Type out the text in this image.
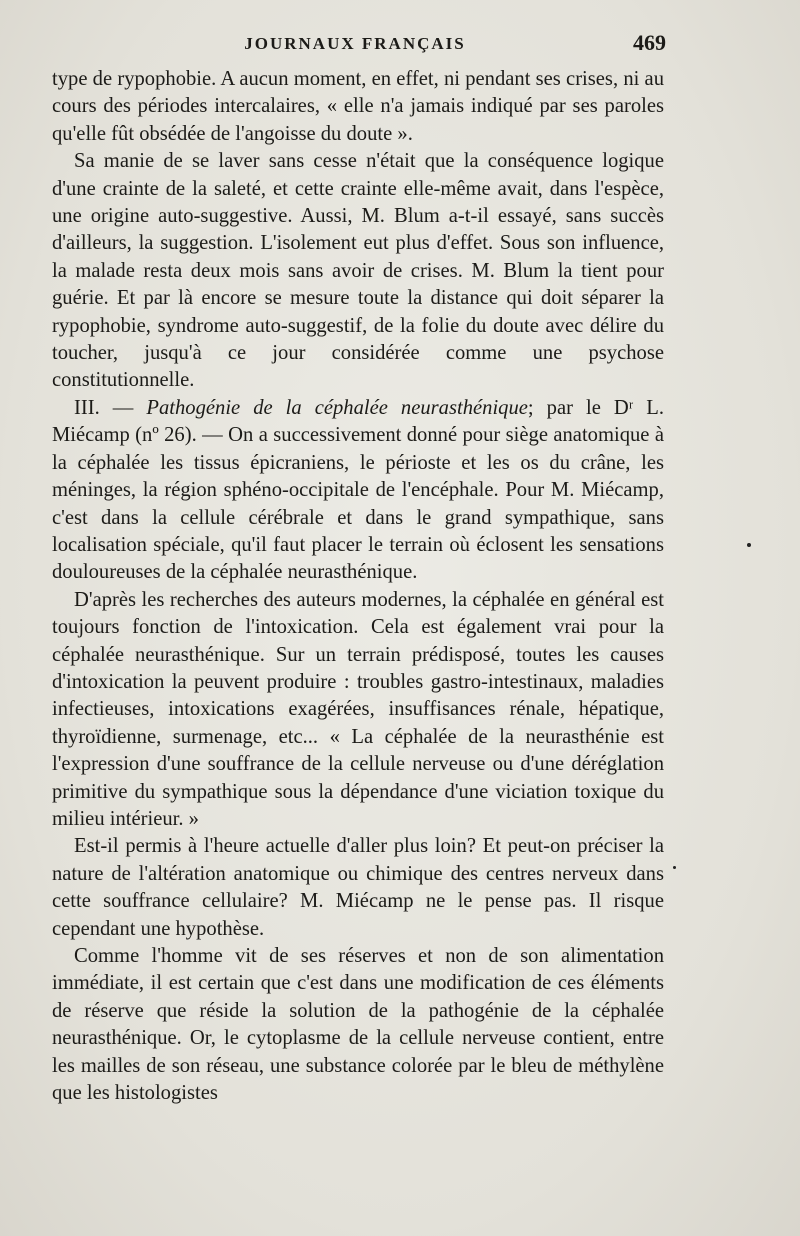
JOURNAUX FRANÇAIS	469

type de rypophobie. A aucun moment, en effet, ni pendant ses crises, ni au cours des périodes intercalaires, « elle n'a jamais indiqué par ses paroles qu'elle fût obsédée de l'angoisse du doute ».

Sa manie de se laver sans cesse n'était que la conséquence logique d'une crainte de la saleté, et cette crainte elle-même avait, dans l'espèce, une origine auto-suggestive. Aussi, M. Blum a-t-il essayé, sans succès d'ailleurs, la suggestion. L'isolement eut plus d'effet. Sous son influence, la malade resta deux mois sans avoir de crises. M. Blum la tient pour guérie. Et par là encore se mesure toute la distance qui doit séparer la rypophobie, syndrome auto-suggestif, de la folie du doute avec délire du toucher, jusqu'à ce jour considérée comme une psychose constitutionnelle.

III. — Pathogénie de la céphalée neurasthénique; par le Dʳ L. Miécamp (nº 26). — On a successivement donné pour siège anatomique à la céphalée les tissus épicraniens, le périoste et les os du crâne, les méninges, la région sphéno-occipitale de l'encéphale. Pour M. Miécamp, c'est dans la cellule cérébrale et dans le grand sympathique, sans localisation spéciale, qu'il faut placer le terrain où éclosent les sensations douloureuses de la céphalée neurasthénique.

D'après les recherches des auteurs modernes, la céphalée en général est toujours fonction de l'intoxication. Cela est également vrai pour la céphalée neurasthénique. Sur un terrain prédisposé, toutes les causes d'intoxication la peuvent produire : troubles gastro-intestinaux, maladies infectieuses, intoxications exagérées, insuffisances rénale, hépatique, thyroïdienne, surmenage, etc... « La céphalée de la neurasthénie est l'expression d'une souffrance de la cellule nerveuse ou d'une déréglation primitive du sympathique sous la dépendance d'une viciation toxique du milieu intérieur. »

Est-il permis à l'heure actuelle d'aller plus loin? Et peut-on préciser la nature de l'altération anatomique ou chimique des centres nerveux dans cette souffrance cellulaire? M. Miécamp ne le pense pas. Il risque cependant une hypothèse.

Comme l'homme vit de ses réserves et non de son alimentation immédiate, il est certain que c'est dans une modification de ces éléments de réserve que réside la solution de la pathogénie de la céphalée neurasthénique. Or, le cytoplasme de la cellule nerveuse contient, entre les mailles de son réseau, une substance colorée par le bleu de méthylène que les histologistes
